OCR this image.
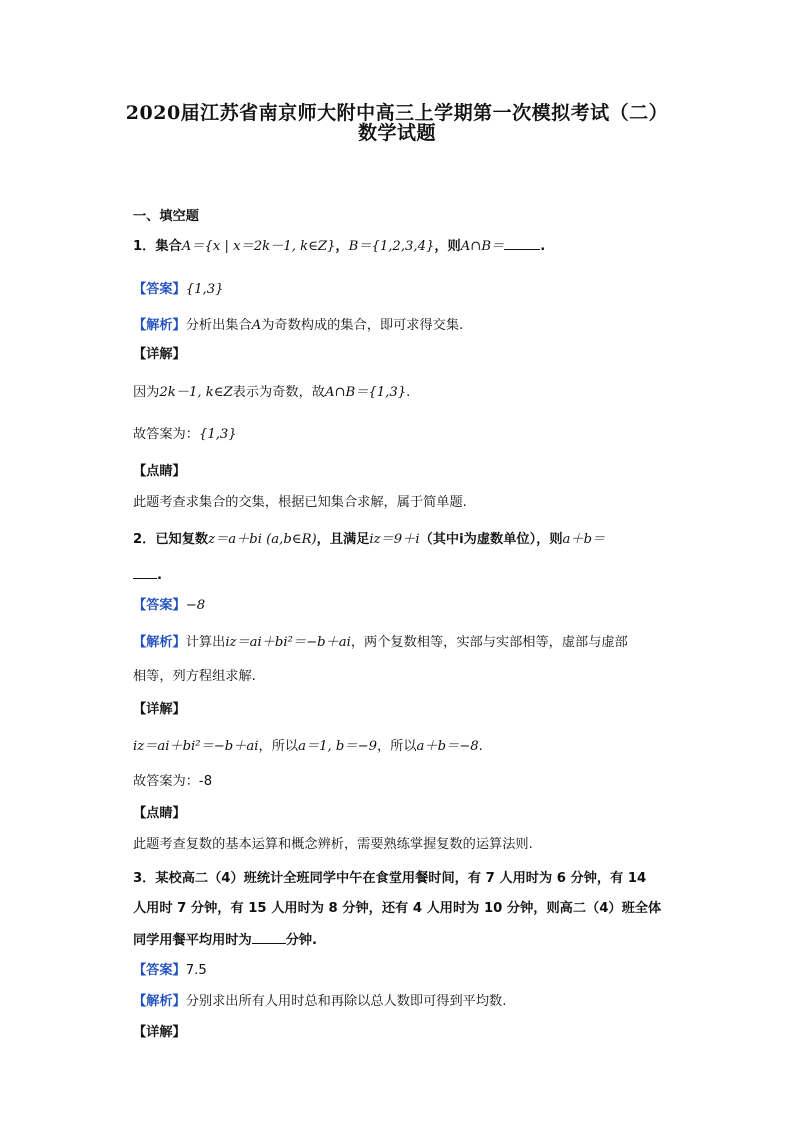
2020届江苏省南京师大附中高三上学期第一次模拟考试（二）
数学试题
一、填空题
1．集合A＝{x | x＝2k－1, k∈Z}，B＝{1,2,3,4}，则A∩B＝	.
【答案】{1,3}
【解析】分析出集合A为奇数构成的集合，即可求得交集.
【详解】
因为2k－1, k∈Z表示为奇数，故A∩B＝{1,3}.
故答案为：{1,3}
【点睛】
此题考查求集合的交集，根据已知集合求解，属于简单题.
2．已知复数z＝a＋bi (a,b∈R)，且满足iz＝9＋i（其中i为虚数单位），则a＋b＝
.
【答案】−8
【解析】计算出iz＝ai＋bi²＝−b＋ai，两个复数相等，实部与实部相等，虚部与虚部
相等，列方程组求解.
【详解】
iz＝ai＋bi²＝−b＋ai，所以a＝1, b＝−9，所以a＋b＝−8.
故答案为：-8
【点睛】
此题考查复数的基本运算和概念辨析，需要熟练掌握复数的运算法则.
3．某校高二（4）班统计全班同学中午在食堂用餐时间，有 7 人用时为 6 分钟，有 14
人用时 7 分钟，有 15 人用时为 8 分钟，还有 4 人用时为 10 分钟，则高二（4）班全体
同学用餐平均用时为	分钟.
【答案】7.5
【解析】分别求出所有人用时总和再除以总人数即可得到平均数.
【详解】
